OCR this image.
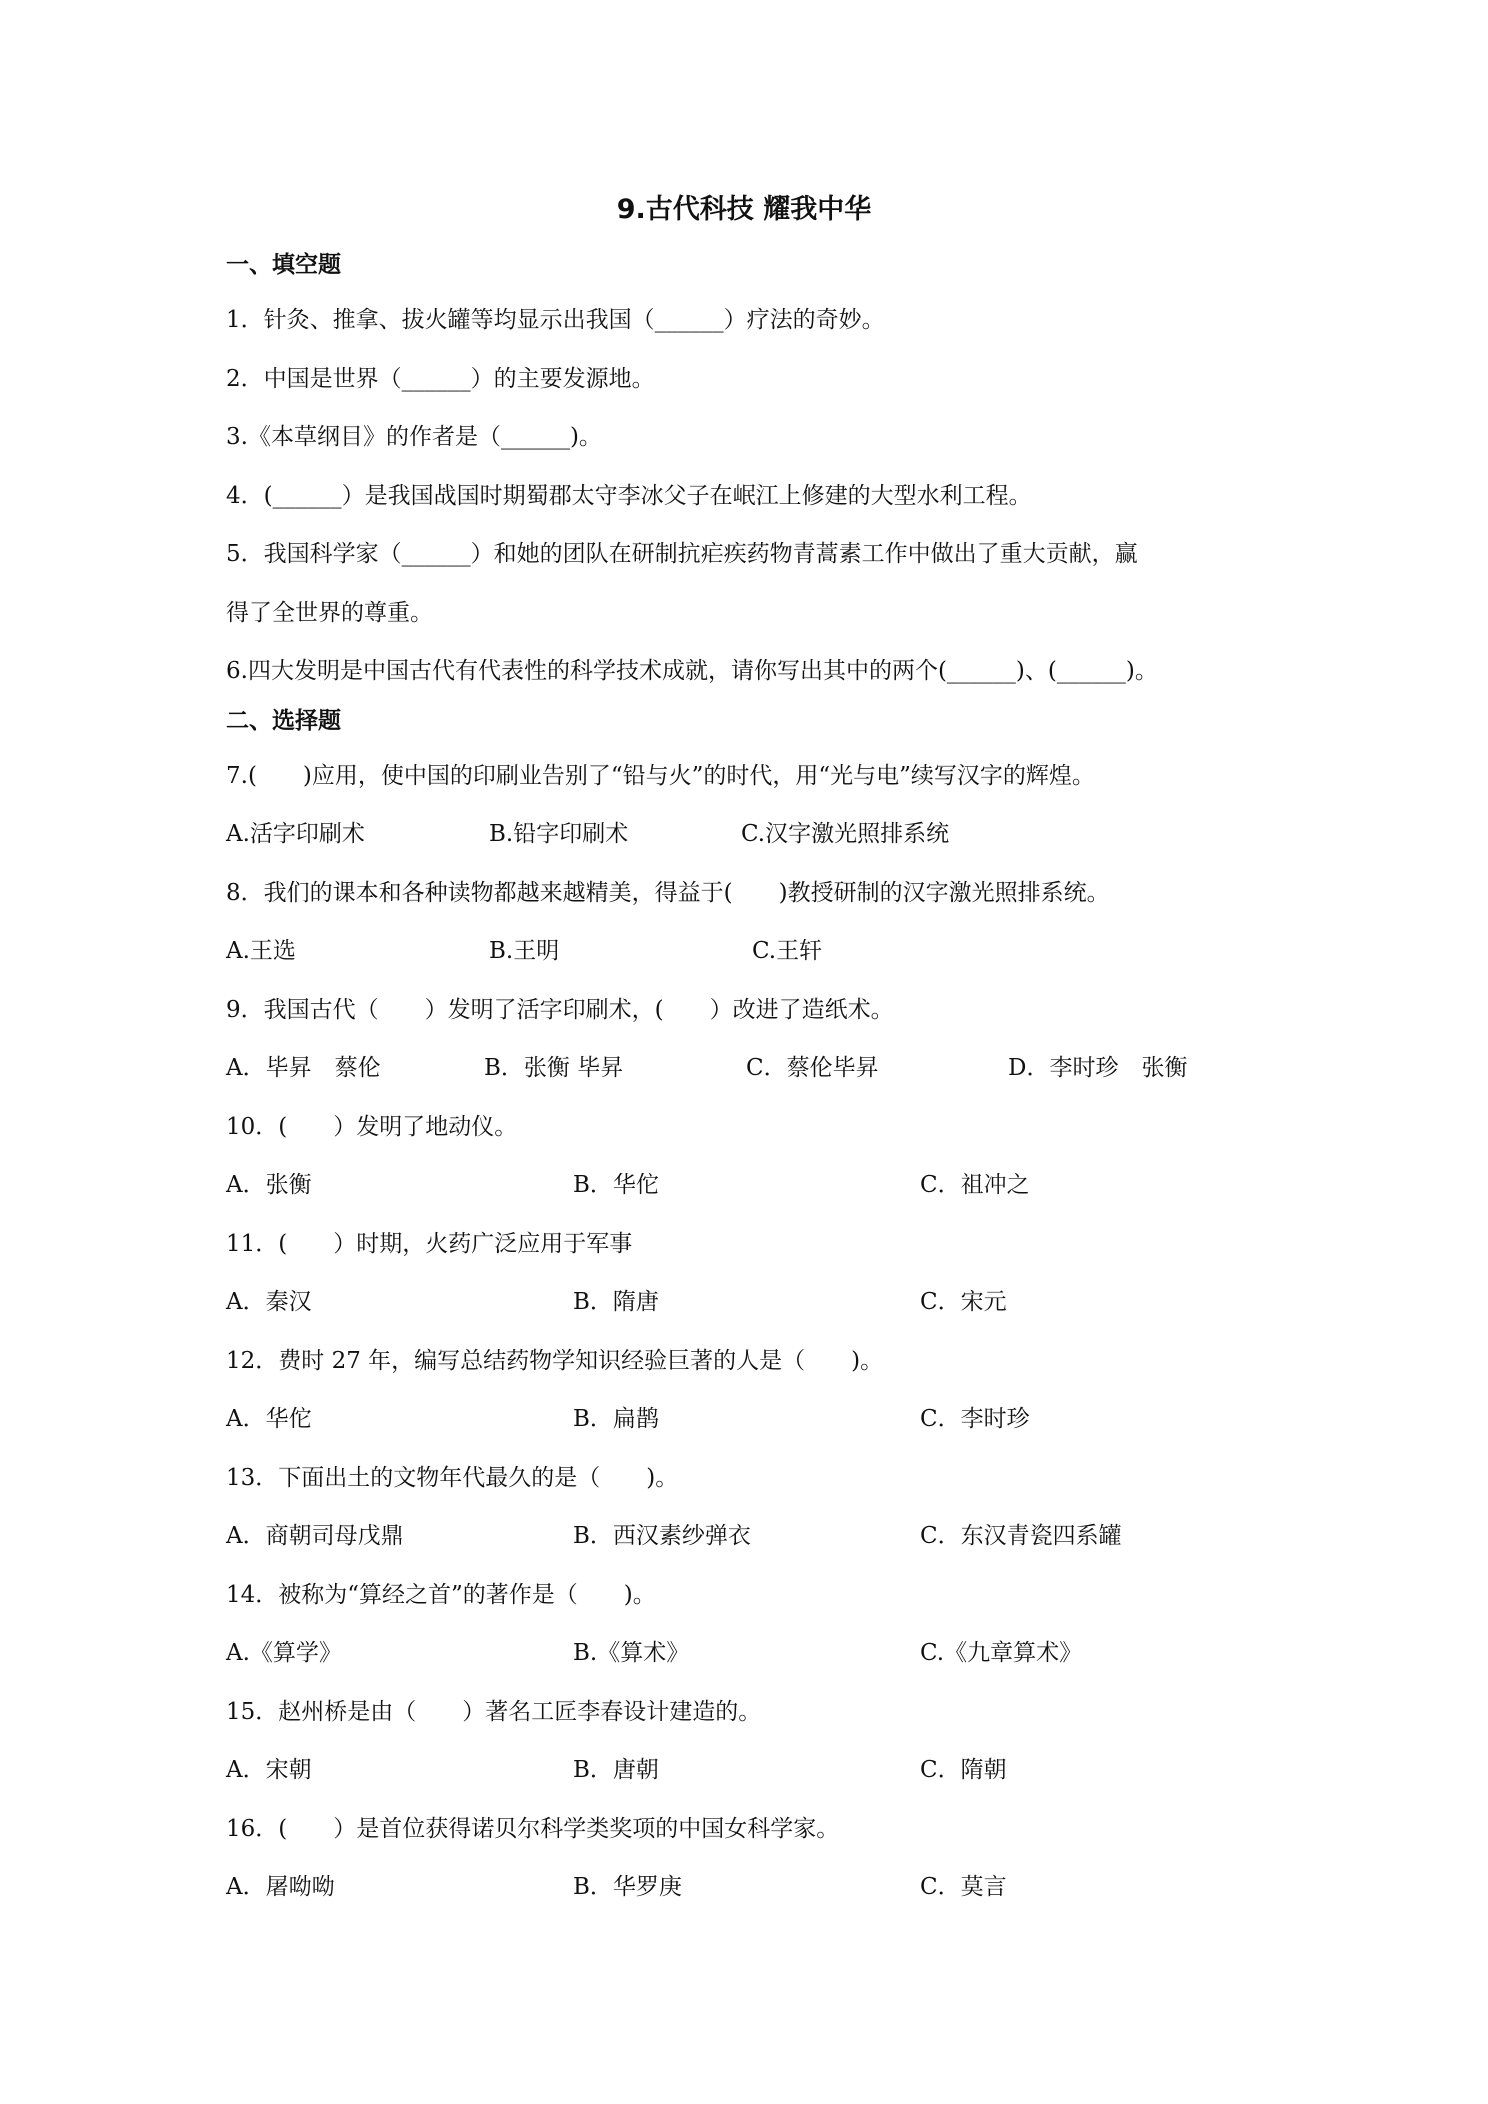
9.古代科技 耀我中华
一、填空题
1．针灸、推拿、拔火罐等均显示出我国（______）疗法的奇妙。
2．中国是世界（______）的主要发源地。
3.《本草纲目》的作者是（______)。
4．(______）是我国战国时期蜀郡太守李冰父子在岷江上修建的大型水利工程。
5．我国科学家（______）和她的团队在研制抗疟疾药物青蒿素工作中做出了重大贡献，赢
得了全世界的尊重。
6.四大发明是中国古代有代表性的科学技术成就，请你写出其中的两个(______)、(______)。
二、选择题
7.(　　)应用，使中国的印刷业告别了“铅与火”的时代，用“光与电”续写汉字的辉煌。
A.活字印刷术	B.铅字印刷术	C.汉字激光照排系统
8．我们的课本和各种读物都越来越精美，得益于(　　)教授研制的汉字激光照排系统。
A.王选	B.王明	C.王轩
9．我国古代（　　）发明了活字印刷术，(　　）改进了造纸术。
A．毕昇　蔡伦	B．张衡 毕昇	C．蔡伦毕昇	D．李时珍　张衡
10．(　　）发明了地动仪。
A．张衡	B．华佗	C．祖冲之
11．(　　）时期，火药广泛应用于军事
A．秦汉	B．隋唐	C．宋元
12．费时 27 年，编写总结药物学知识经验巨著的人是（　　)。
A．华佗	B．扁鹊	C．李时珍
13．下面出土的文物年代最久的是（　　)。
A．商朝司母戊鼎	B．西汉素纱弹衣	C．东汉青瓷四系罐
14．被称为“算经之首”的著作是（　　)。
A.《算学》	B.《算术》	C.《九章算术》
15．赵州桥是由（　　）著名工匠李春设计建造的。
A．宋朝	B．唐朝	C．隋朝
16．(　　）是首位获得诺贝尔科学类奖项的中国女科学家。
A．屠呦呦	B．华罗庚	C．莫言
